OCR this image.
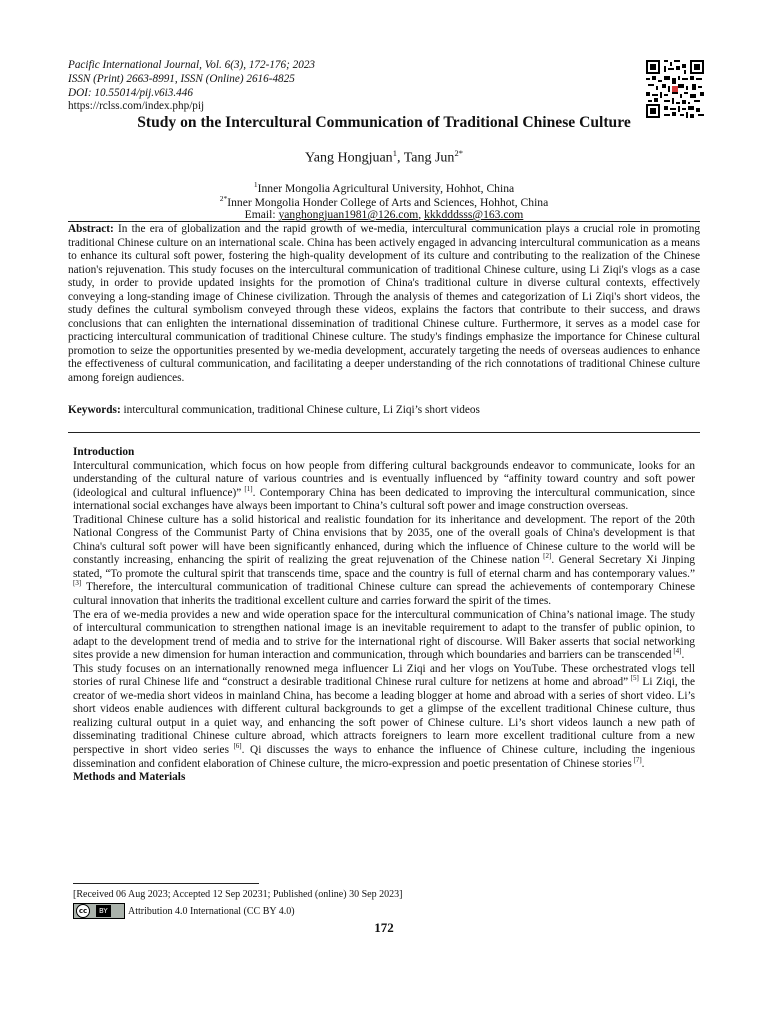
Pacific International Journal, Vol. 6(3), 172-176; 2023
ISSN (Print) 2663-8991, ISSN (Online) 2616-4825
DOI: 10.55014/pij.v6i3.446
https://rclss.com/index.php/pij
Study on the Intercultural Communication of Traditional Chinese Culture
Yang Hongjuan$^1$, Tang Jun$^{2*}$
$^1$Inner Mongolia Agricultural University, Hohhot, China
$^{2*}$Inner Mongolia Honder College of Arts and Sciences, Hohhot, China
Email: yanghongjuan1981@126.com, kkkdddsss@163.com
Abstract: In the era of globalization and the rapid growth of we-media, intercultural communication plays a crucial role in promoting traditional Chinese culture on an international scale. China has been actively engaged in advancing intercultural communication as a means to enhance its cultural soft power, fostering the high-quality development of its culture and contributing to the realization of the Chinese nation's rejuvenation. This study focuses on the intercultural communication of traditional Chinese culture, using Li Ziqi's vlogs as a case study, in order to provide updated insights for the promotion of China's traditional culture in diverse cultural contexts, effectively conveying a long-standing image of Chinese civilization. Through the analysis of themes and categorization of Li Ziqi's short videos, the study defines the cultural symbolism conveyed through these videos, explains the factors that contribute to their success, and draws conclusions that can enlighten the international dissemination of traditional Chinese culture. Furthermore, it serves as a model case for practicing intercultural communication of traditional Chinese culture. The study's findings emphasize the importance for Chinese cultural promotion to seize the opportunities presented by we-media development, accurately targeting the needs of overseas audiences to enhance the effectiveness of cultural communication, and facilitating a deeper understanding of the rich connotations of traditional Chinese culture among foreign audiences.
Keywords: intercultural communication, traditional Chinese culture, Li Ziqi’s short videos
Introduction

Intercultural communication, which focus on how people from differing cultural backgrounds endeavor to communicate, looks for an understanding of the cultural nature of various countries and is eventually influenced by “affinity toward country and soft power (ideological and cultural influence)” [1]. Contemporary China has been dedicated to improving the intercultural communication, since international social exchanges have always been important to China’s cultural soft power and image construction overseas.

Traditional Chinese culture has a solid historical and realistic foundation for its inheritance and development. The report of the 20th National Congress of the Communist Party of China envisions that by 2035, one of the overall goals of China's development is that China's cultural soft power will have been significantly enhanced, during which the influence of Chinese culture to the world will be constantly increasing, enhancing the spirit of realizing the great rejuvenation of the Chinese nation [2]. General Secretary Xi Jinping stated, “To promote the cultural spirit that transcends time, space and the country is full of eternal charm and has contemporary values.” [3] Therefore, the intercultural communication of traditional Chinese culture can spread the achievements of contemporary Chinese cultural innovation that inherits the traditional excellent culture and carries forward the spirit of the times.

The era of we-media provides a new and wide operation space for the intercultural communication of China’s national image. The study of intercultural communication to strengthen national image is an inevitable requirement to adapt to the transfer of public opinion, to adapt to the development trend of media and to strive for the international right of discourse. Will Baker asserts that social networking sites provide a new dimension for human interaction and communication, through which boundaries and barriers can be transcended [4].

This study focuses on an internationally renowned mega influencer Li Ziqi and her vlogs on YouTube. These orchestrated vlogs tell stories of rural Chinese life and “construct a desirable traditional Chinese rural culture for netizens at home and abroad” [5] Li Ziqi, the creator of we-media short videos in mainland China, has become a leading blogger at home and abroad with a series of short video. Li’s short videos enable audiences with different cultural backgrounds to get a glimpse of the excellent traditional Chinese culture, thus realizing cultural output in a quiet way, and enhancing the soft power of Chinese culture. Li’s short videos launch a new path of disseminating traditional Chinese culture abroad, which attracts foreigners to learn more excellent traditional culture from a new perspective in short video series [6]. Qi discusses the ways to enhance the influence of Chinese culture, including the ingenious dissemination and confident elaboration of Chinese culture, the micro-expression and poetic presentation of Chinese stories [7].

Methods and Materials
[Received 06 Aug 2023; Accepted 12 Sep 20231; Published (online) 30 Sep 2023]
cc	BY	Attribution 4.0 International (CC BY 4.0)
172
